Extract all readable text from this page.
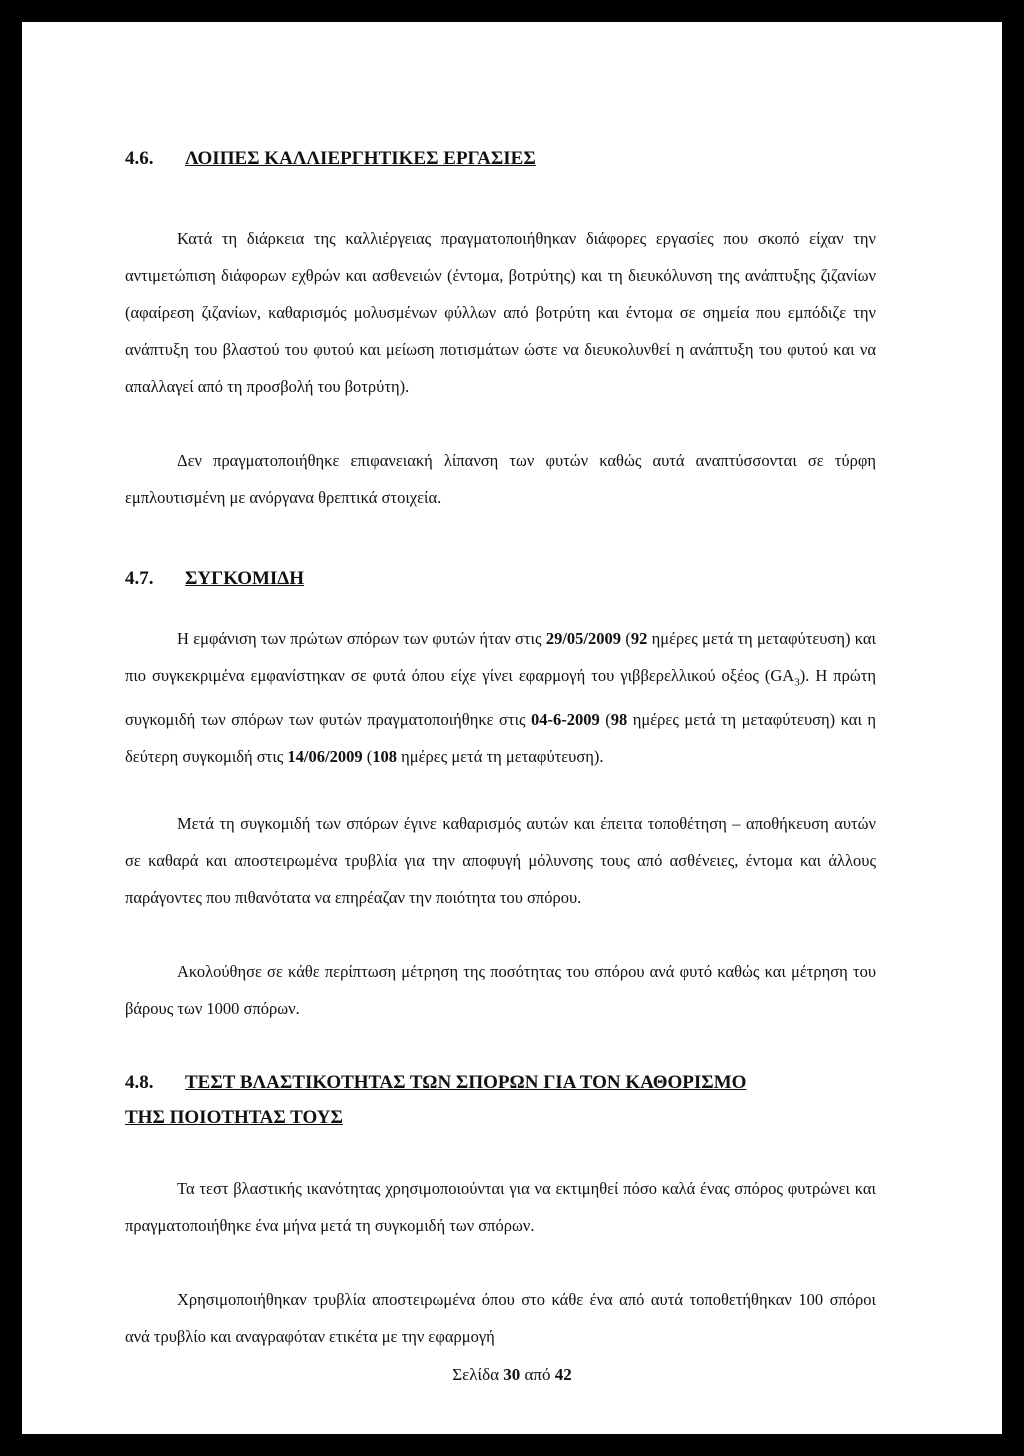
4.6. ΛΟΙΠΕΣ ΚΑΛΛΙΕΡΓΗΤΙΚΕΣ ΕΡΓΑΣΙΕΣ
Κατά τη διάρκεια της καλλιέργειας πραγματοποιήθηκαν διάφορες εργασίες που σκοπό είχαν την αντιμετώπιση διάφορων εχθρών και ασθενειών (έντομα, βοτρύτης) και τη διευκόλυνση της ανάπτυξης ζιζανίων (αφαίρεση ζιζανίων, καθαρισμός μολυσμένων φύλλων από βοτρύτη και έντομα σε σημεία που εμπόδιζε την ανάπτυξη του βλαστού του φυτού και μείωση ποτισμάτων ώστε να διευκολυνθεί η ανάπτυξη του φυτού και να απαλλαγεί από τη προσβολή του βοτρύτη).
Δεν πραγματοποιήθηκε επιφανειακή λίπανση των φυτών καθώς αυτά αναπτύσσονται σε τύρφη εμπλουτισμένη με ανόργανα θρεπτικά στοιχεία.
4.7. ΣΥΓΚΟΜΙΔΗ
Η εμφάνιση των πρώτων σπόρων των φυτών ήταν στις 29/05/2009 (92 ημέρες μετά τη μεταφύτευση) και πιο συγκεκριμένα εμφανίστηκαν σε φυτά όπου είχε γίνει εφαρμογή του γιββερελλικού οξέος $(GA_3)$. Η πρώτη συγκομιδή των σπόρων των φυτών πραγματοποιήθηκε στις 04-6-2009 (98 ημέρες μετά τη μεταφύτευση) και η δεύτερη συγκομιδή στις 14/06/2009 (108 ημέρες μετά τη μεταφύτευση).
Μετά τη συγκομιδή των σπόρων έγινε καθαρισμός αυτών και έπειτα τοποθέτηση – αποθήκευση αυτών σε καθαρά και αποστειρωμένα τρυβλία για την αποφυγή μόλυνσης τους από ασθένειες, έντομα και άλλους παράγοντες που πιθανότατα να επηρέαζαν την ποιότητα του σπόρου.
Ακολούθησε σε κάθε περίπτωση μέτρηση της ποσότητας του σπόρου ανά φυτό καθώς και μέτρηση του βάρους των 1000 σπόρων.
4.8. ΤΕΣΤ ΒΛΑΣΤΙΚΟΤΗΤΑΣ ΤΩΝ ΣΠΟΡΩΝ ΓΙΑ ΤΟΝ ΚΑΘΟΡΙΣΜΟ
ΤΗΣ ΠΟΙΟΤΗΤΑΣ ΤΟΥΣ
Τα τεστ βλαστικής ικανότητας χρησιμοποιούνται για να εκτιμηθεί πόσο καλά ένας σπόρος φυτρώνει και πραγματοποιήθηκε ένα μήνα μετά τη συγκομιδή των σπόρων.
Χρησιμοποιήθηκαν τρυβλία αποστειρωμένα όπου στο κάθε ένα από αυτά τοποθετήθηκαν 100 σπόροι ανά τρυβλίο και αναγραφόταν ετικέτα με την εφαρμογή
Σελίδα 30 από 42
